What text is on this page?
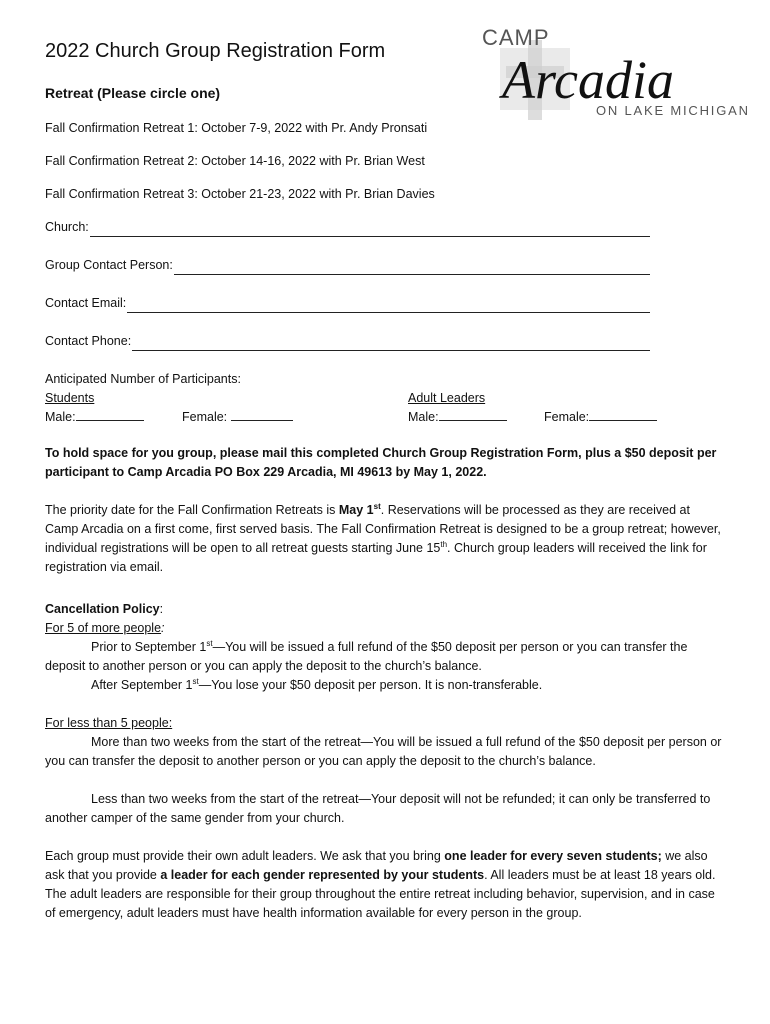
CAMP
Arcadia
ON LAKE MICHIGAN
2022 Church Group Registration Form
Retreat (Please circle one)
Fall Confirmation Retreat 1: October 7-9, 2022 with Pr. Andy Pronsati
Fall Confirmation Retreat 2: October 14-16, 2022 with Pr. Brian West
Fall Confirmation Retreat 3: October 21-23, 2022 with Pr. Brian Davies
Church:
Group Contact Person:
Contact Email:
Contact Phone:
Anticipated Number of Participants:
Students	Adult Leaders
Male:	Female:	Male:	Female:
To hold space for you group, please mail this completed Church Group Registration Form, plus a $50 deposit per participant to Camp Arcadia PO Box 229 Arcadia, MI 49613 by May 1, 2022.
The priority date for the Fall Confirmation Retreats is May 1st. Reservations will be processed as they are received at Camp Arcadia on a first come, first served basis. The Fall Confirmation Retreat is designed to be a group retreat; however, individual registrations will be open to all retreat guests starting June 15th. Church group leaders will received the link for registration via email.
Cancellation Policy:
For 5 of more people:
Prior to September 1st—You will be issued a full refund of the $50 deposit per person or you can transfer the deposit to another person or you can apply the deposit to the church’s balance.
After September 1st—You lose your $50 deposit per person. It is non-transferable.
For less than 5 people:
More than two weeks from the start of the retreat—You will be issued a full refund of the $50 deposit per person or you can transfer the deposit to another person or you can apply the deposit to the church’s balance.
Less than two weeks from the start of the retreat—Your deposit will not be refunded; it can only be transferred to another camper of the same gender from your church.
Each group must provide their own adult leaders. We ask that you bring one leader for every seven students; we also ask that you provide a leader for each gender represented by your students. All leaders must be at least 18 years old. The adult leaders are responsible for their group throughout the entire retreat including behavior, supervision, and in case of emergency, adult leaders must have health information available for every person in the group.
